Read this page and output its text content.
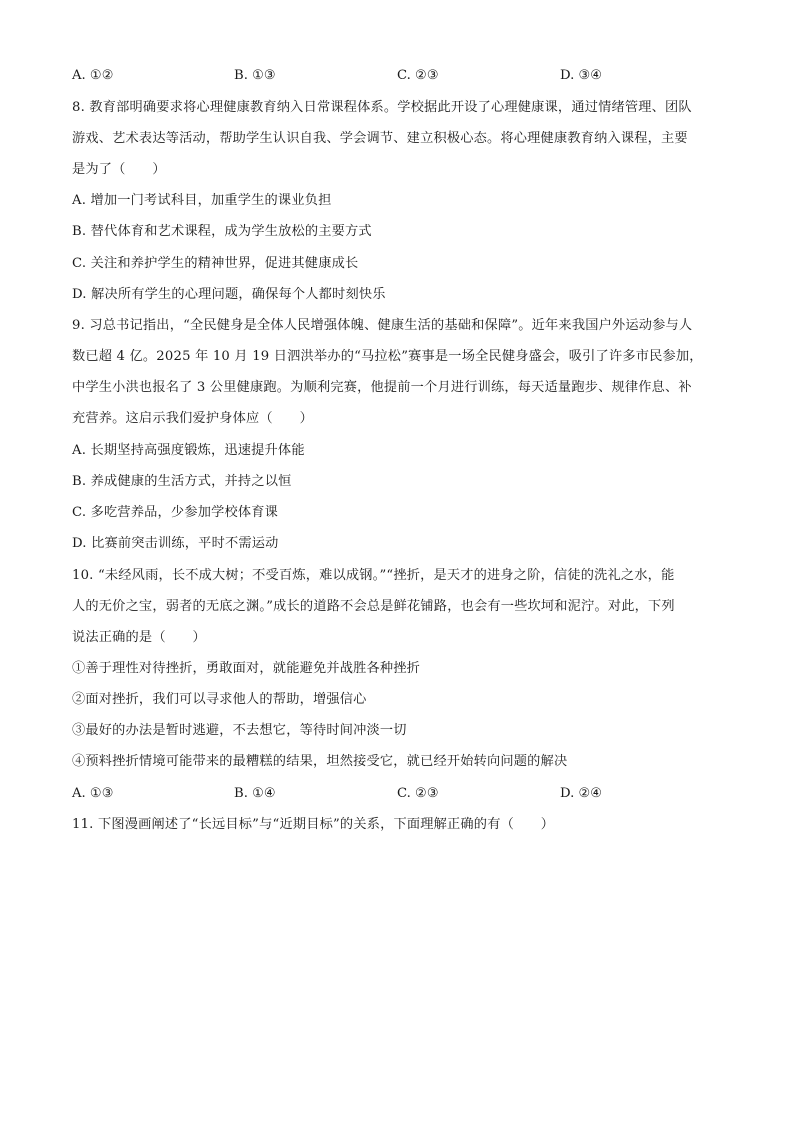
A. ①②	B. ①③	C. ②③	D. ③④
8. 教育部明确要求将心理健康教育纳入日常课程体系。学校据此开设了心理健康课，通过情绪管理、团队
游戏、艺术表达等活动，帮助学生认识自我、学会调节、建立积极心态。将心理健康教育纳入课程，主要
是为了（　　）
A. 增加一门考试科目，加重学生的课业负担
B. 替代体育和艺术课程，成为学生放松的主要方式
C. 关注和养护学生的精神世界，促进其健康成长
D. 解决所有学生的心理问题，确保每个人都时刻快乐
9. 习总书记指出，“全民健身是全体人民增强体魄、健康生活的基础和保障”。近年来我国户外运动参与人
数已超 4 亿。2025 年 10 月 19 日泗洪举办的“马拉松”赛事是一场全民健身盛会，吸引了许多市民参加，
中学生小洪也报名了 3 公里健康跑。为顺利完赛，他提前一个月进行训练，每天适量跑步、规律作息、补
充营养。这启示我们爱护身体应（　　）
A. 长期坚持高强度锻炼，迅速提升体能
B. 养成健康的生活方式，并持之以恒
C. 多吃营养品，少参加学校体育课
D. 比赛前突击训练，平时不需运动
10. “未经风雨，长不成大树；不受百炼，难以成钢。”“挫折，是天才的进身之阶，信徒的洗礼之水，能
人的无价之宝，弱者的无底之渊。”成长的道路不会总是鲜花铺路，也会有一些坎坷和泥泞。对此，下列
说法正确的是（　　）
①善于理性对待挫折，勇敢面对，就能避免并战胜各种挫折
②面对挫折，我们可以寻求他人的帮助，增强信心
③最好的办法是暂时逃避，不去想它，等待时间冲淡一切
④预料挫折情境可能带来的最糟糕的结果，坦然接受它，就已经开始转向问题的解决
A. ①③	B. ①④	C. ②③	D. ②④
11. 下图漫画阐述了“长远目标”与“近期目标”的关系，下面理解正确的有（　　）
